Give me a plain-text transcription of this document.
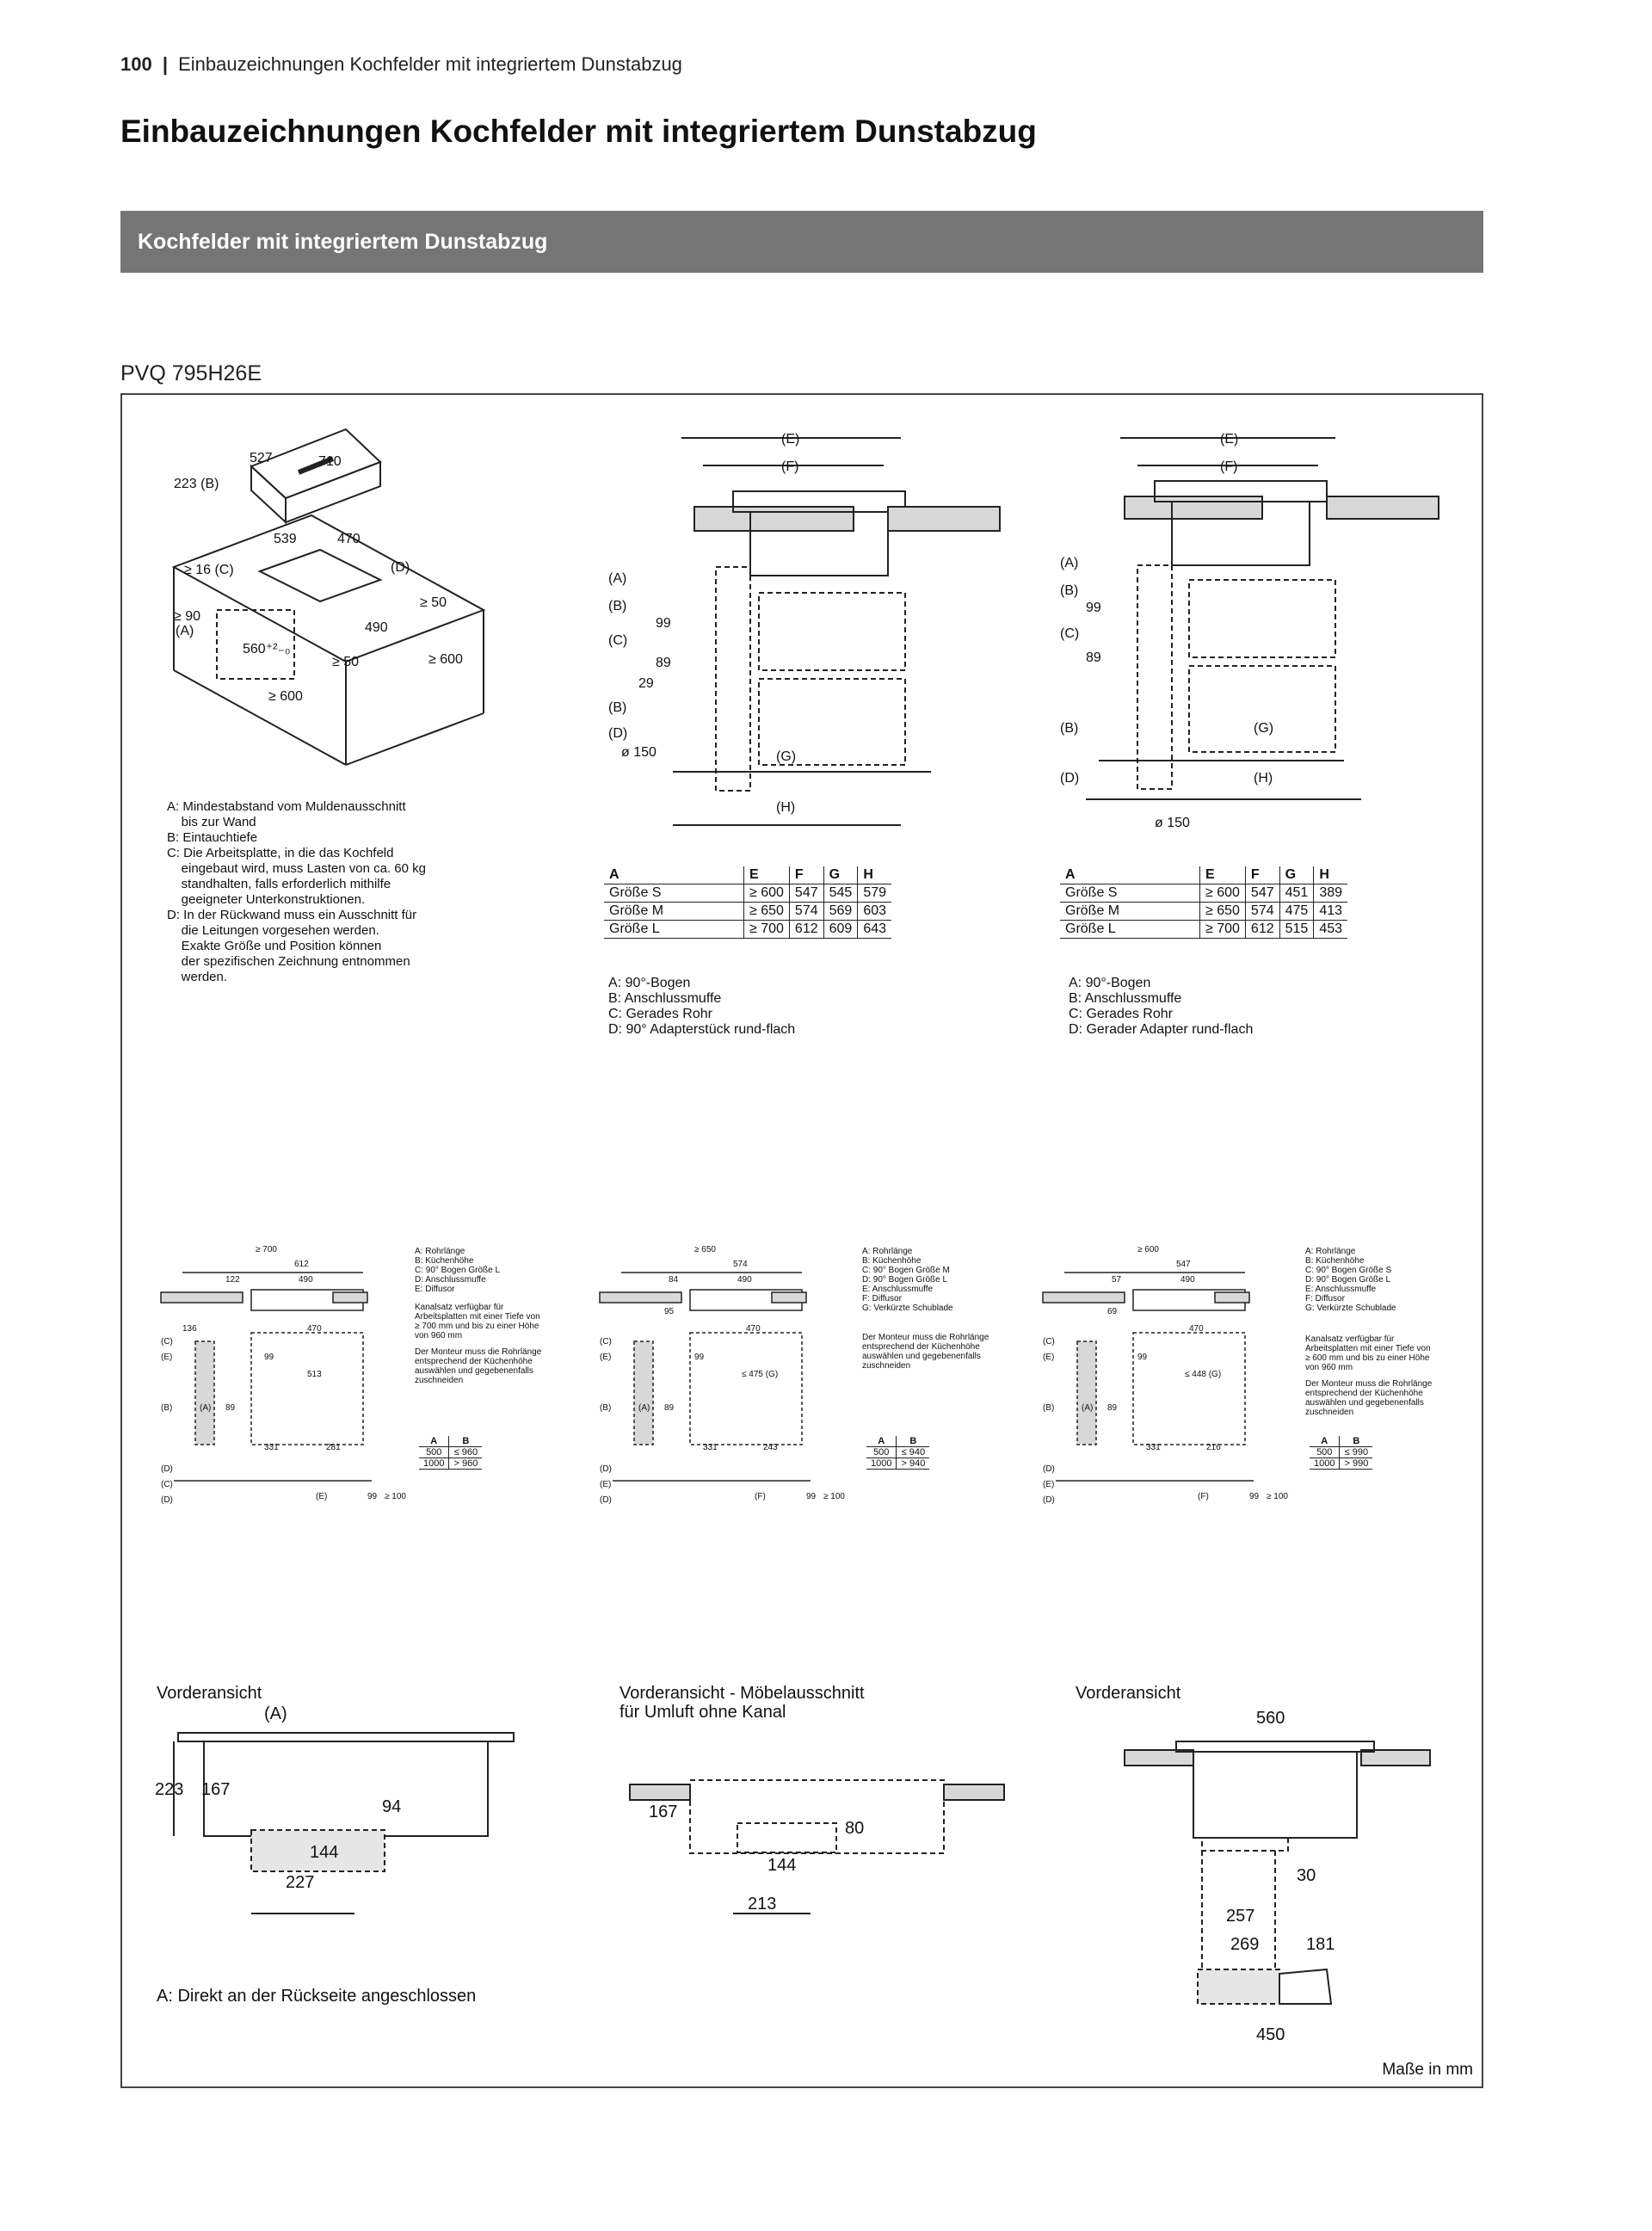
100 | Einbauzeichnungen Kochfelder mit integriertem Dunstabzug
Einbauzeichnungen Kochfelder mit integriertem Dunstabzug
Kochfelder mit integriertem Dunstabzug
PVQ 795H26E
527	710
223 (B)
539	470
≥ 16 (C)	(D)
≥ 90
(A)
≥ 50
490
560⁺²₋₀
≥ 50
≥ 600
≥ 600
(E)
(F)
(A)
(B)
99
(C)
89
29
(B)
(D)
ø 150	(G)
(H)
(E)
(F)
(A)
(B)
99
(C)
89
(B)	(G)
(D)	(H)
ø 150
A: Mindestabstand vom Muldenausschnitt
bis zur Wand
B: Eintauchtiefe
C: Die Arbeitsplatte, in die das Kochfeld
eingebaut wird, muss Lasten von ca. 60 kg
standhalten, falls erforderlich mithilfe
geeigneter Unterkonstruktionen.
D: In der Rückwand muss ein Ausschnitt für
die Leitungen vorgesehen werden.
Exakte Größe und Position können
der spezifischen Zeichnung entnommen
werden.
A	E	F	G	H
Größe S	≥ 600	547	545	579
Größe M	≥ 650	574	569	603
Größe L	≥ 700	612	609	643
A: 90°-Bogen
B: Anschlussmuffe
C: Gerades Rohr
D: 90° Adapterstück rund-flach
A	E	F	G	H
Größe S	≥ 600	547	451	389
Größe M	≥ 650	574	475	413
Größe L	≥ 700	612	515	453
A: 90°-Bogen
B: Anschlussmuffe
C: Gerades Rohr
D: Gerader Adapter rund-flach
≥ 700
612
122	490
470
136
99
513
89
331	281
99 ≥ 100
(E)
(C)
(E)
(B)	(A)
(D)
(C)
(D)
A: Rohrlänge
B: Küchenhöhe
C: 90° Bogen Größe L
D: Anschlussmuffe
E: Diffusor
Kanalsatz verfügbar für
Arbeitsplatten mit einer Tiefe von
≥ 700 mm und bis zu einer Höhe
von 960 mm
Der Monteur muss die Rohrlänge
entsprechend der Küchenhöhe
auswählen und gegebenenfalls
zuschneiden
A	B
500	≤ 960
1000	> 960
≥ 650
574
84	490
95
470
99
≤ 475 (G)
89
331	243
(F)	99 ≥ 100
(C)
(E)
(B)	(A)
(D)
(E)
(D)
A: Rohrlänge
B: Küchenhöhe
C: 90° Bogen Größe M
D: 90° Bogen Größe L
E: Anschlussmuffe
F: Diffusor
G: Verkürzte Schublade
Der Monteur muss die Rohrlänge
entsprechend der Küchenhöhe
auswählen und gegebenenfalls
zuschneiden
A	B
500	≤ 940
1000	> 940
≥ 600
547
57	490
69
470
99
≤ 448 (G)
89
331	216
(F)	99 ≥ 100
(C)
(E)
(B)	(A)
(D)
(E)
(D)
A: Rohrlänge
B: Küchenhöhe
C: 90° Bogen Größe S
D: 90° Bogen Größe L
E: Anschlussmuffe
F: Diffusor
G: Verkürzte Schublade
Kanalsatz verfügbar für
Arbeitsplatten mit einer Tiefe von
≥ 600 mm und bis zu einer Höhe
von 960 mm
Der Monteur muss die Rohrlänge
entsprechend der Küchenhöhe
auswählen und gegebenenfalls
zuschneiden
A	B
500	≤ 990
1000	> 990
Vorderansicht
(A)
223 167
94
144
227
A: Direkt an der Rückseite angeschlossen
Vorderansicht - Möbelausschnitt
für Umluft ohne Kanal
167
80
144
213
Vorderansicht
560
30
257
269	181
450
Maße in mm
